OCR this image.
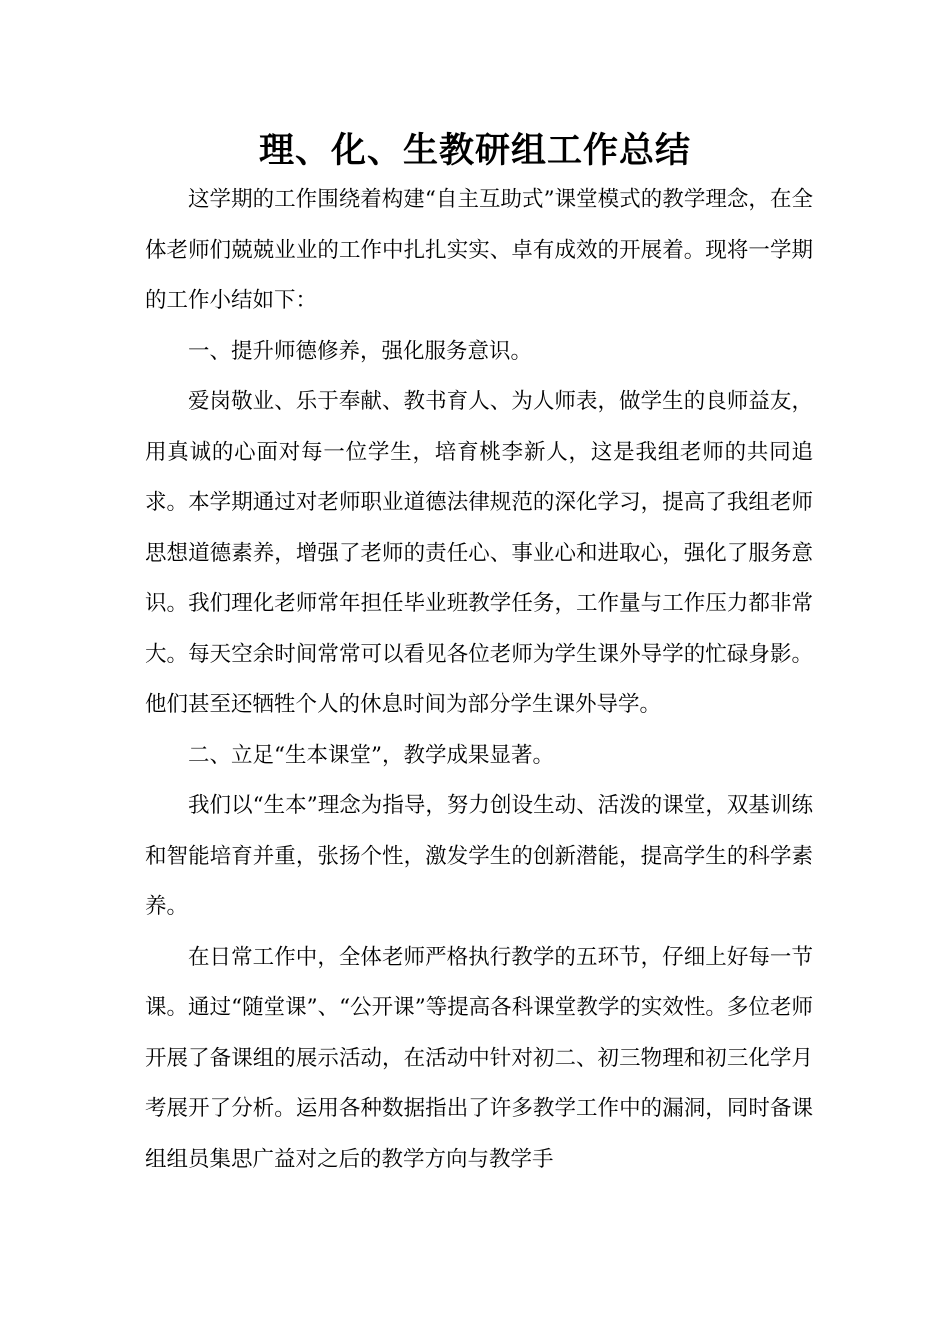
理、化、生教研组工作总结

这学期的工作围绕着构建“自主互助式”课堂模式的教学理念，在全体老师们兢兢业业的工作中扎扎实实、卓有成效的开展着。现将一学期的工作小结如下：

一、提升师德修养，强化服务意识。

爱岗敬业、乐于奉献、教书育人、为人师表，做学生的良师益友，用真诚的心面对每一位学生，培育桃李新人，这是我组老师的共同追求。本学期通过对老师职业道德法律规范的深化学习，提高了我组老师思想道德素养，增强了老师的责任心、事业心和进取心，强化了服务意识。我们理化老师常年担任毕业班教学任务，工作量与工作压力都非常大。每天空余时间常常可以看见各位老师为学生课外导学的忙碌身影。他们甚至还牺牲个人的休息时间为部分学生课外导学。

二、立足“生本课堂”，教学成果显著。

我们以“生本”理念为指导，努力创设生动、活泼的课堂，双基训练和智能培育并重，张扬个性，激发学生的创新潜能，提高学生的科学素养。

在日常工作中，全体老师严格执行教学的五环节，仔细上好每一节课。通过“随堂课”、“公开课”等提高各科课堂教学的实效性。多位老师开展了备课组的展示活动，在活动中针对初二、初三物理和初三化学月考展开了分析。运用各种数据指出了许多教学工作中的漏洞，同时备课组组员集思广益对之后的教学方向与教学手
